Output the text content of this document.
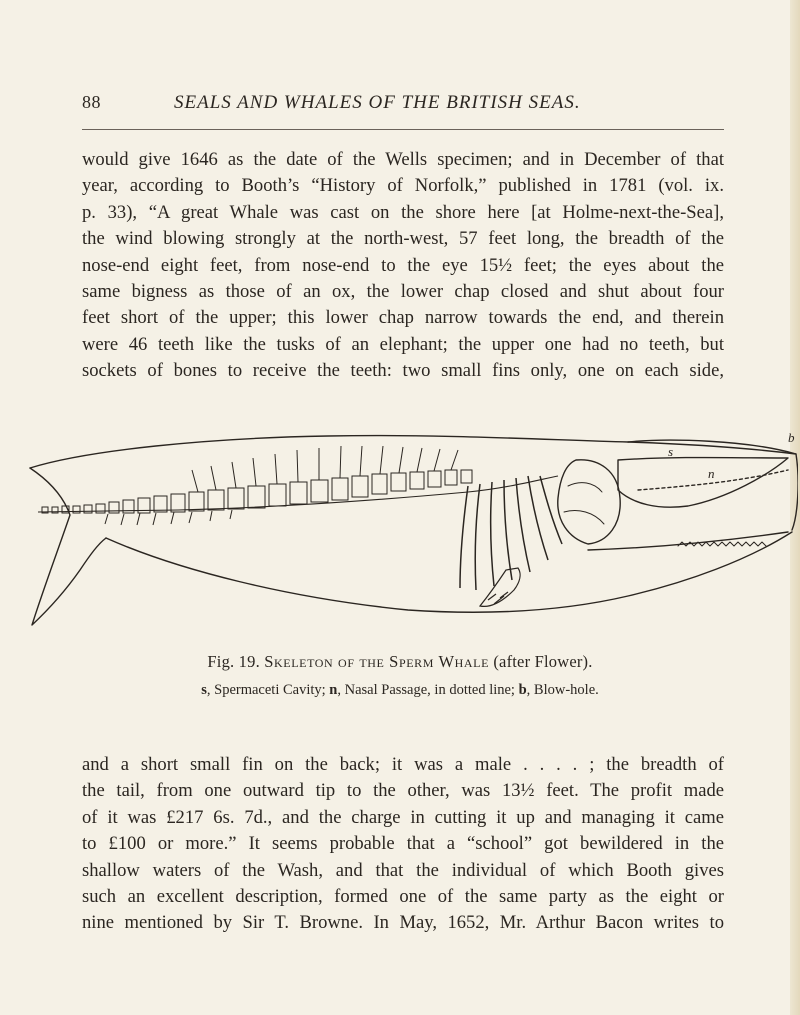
88	SEALS AND WHALES OF THE BRITISH SEAS.
would give 1646 as the date of the Wells specimen; and in December of that
year, according to Booth’s “History of Norfolk,” published in 1781 (vol. ix.
p. 33), “A great Whale was cast on the shore here [at Holme-next-the-Sea],
the wind blowing strongly at the north-west, 57 feet long, the breadth of the
nose-end eight feet, from nose-end to the eye 15½ feet; the eyes about the
same bigness as those of an ox, the lower chap closed and shut about four
feet short of the upper; this lower chap narrow towards the end, and therein
were 46 teeth like the tusks of an elephant; the upper one had no teeth, but
sockets of bones to receive the teeth: two small fins only, one on each side,
s
n
b
Fig. 19. Skeleton of the Sperm Whale (after Flower).
s, Spermaceti Cavity; n, Nasal Passage, in dotted line; b, Blow-hole.
and a short small fin on the back; it was a male . . . . ; the breadth of
the tail, from one outward tip to the other, was 13½ feet. The profit made
of it was £217 6s. 7d., and the charge in cutting it up and managing it came
to £100 or more.” It seems probable that a “school” got bewildered in the
shallow waters of the Wash, and that the individual of which Booth gives
such an excellent description, formed one of the same party as the eight or
nine mentioned by Sir T. Browne. In May, 1652, Mr. Arthur Bacon writes to
